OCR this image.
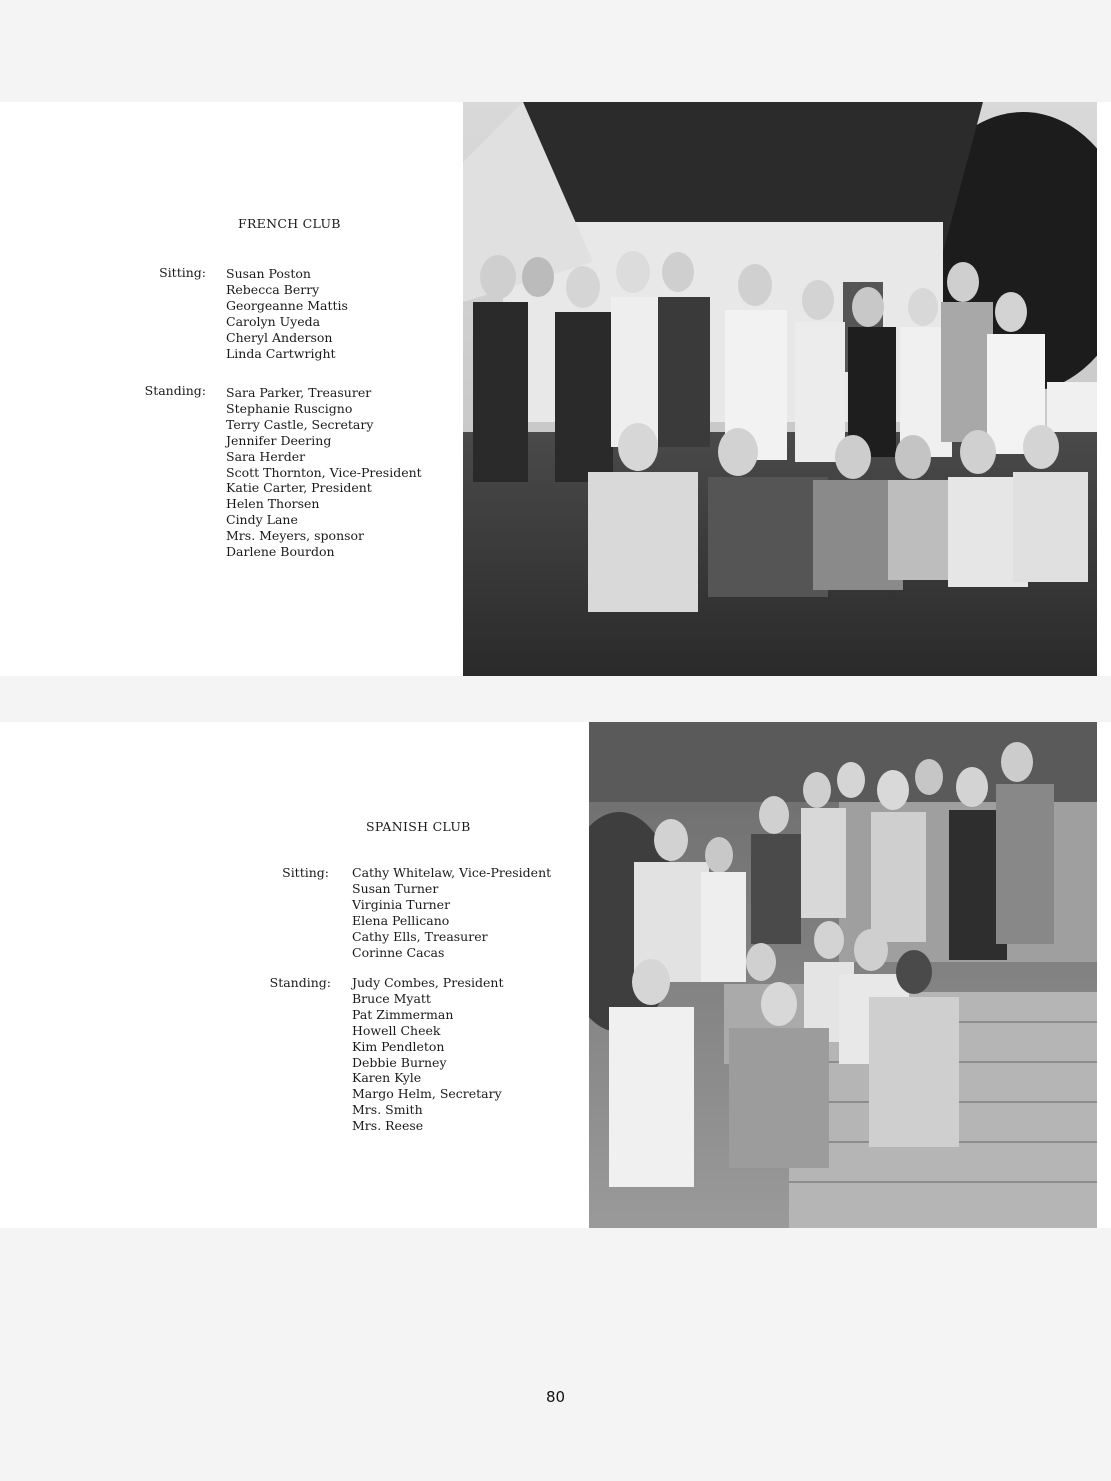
FRENCH CLUB
Sitting: Susan Poston
Rebecca Berry
Georgeanne Mattis
Carolyn Uyeda
Cheryl Anderson
Linda Cartwright
Standing: Sara Parker, Treasurer
Stephanie Ruscigno
Terry Castle, Secretary
Jennifer Deering
Sara Herder
Scott Thornton, Vice-President
Katie Carter, President
Helen Thorsen
Cindy Lane
Mrs. Meyers, sponsor
Darlene Bourdon
SPANISH CLUB
Sitting: Cathy Whitelaw, Vice-President
Susan Turner
Virginia Turner
Elena Pellicano
Cathy Ells, Treasurer
Corinne Cacas
Standing: Judy Combes, President
Bruce Myatt
Pat Zimmerman
Howell Cheek
Kim Pendleton
Debbie Burney
Karen Kyle
Margo Helm, Secretary
Mrs. Smith
Mrs. Reese
80
